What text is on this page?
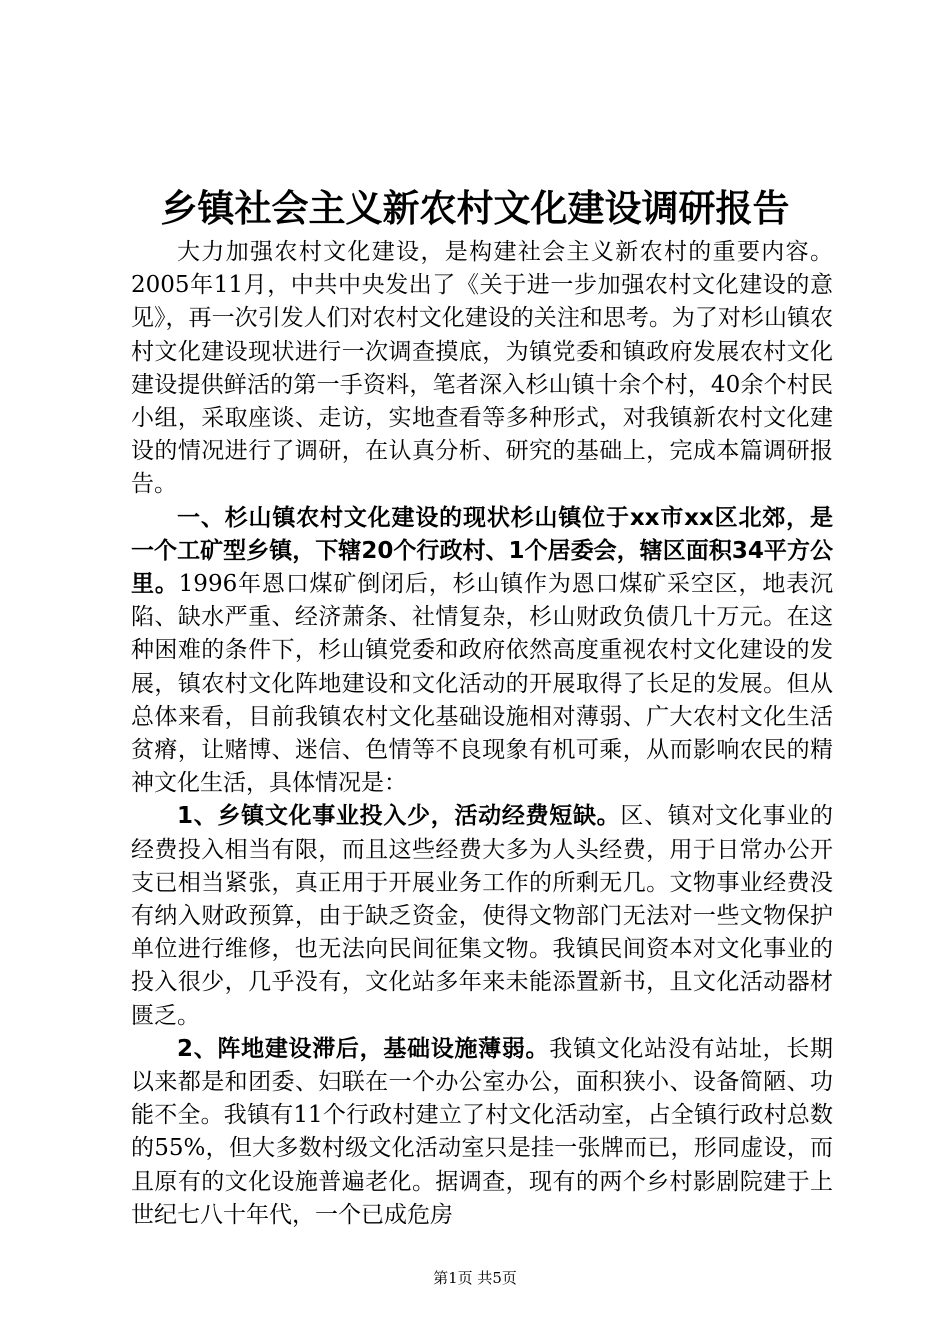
乡镇社会主义新农村文化建设调研报告

大力加强农村文化建设，是构建社会主义新农村的重要内容。2005年11月，中共中央发出了《关于进一步加强农村文化建设的意见》，再一次引发人们对农村文化建设的关注和思考。为了对杉山镇农村文化建设现状进行一次调查摸底，为镇党委和镇政府发展农村文化建设提供鲜活的第一手资料，笔者深入杉山镇十余个村，40余个村民小组，采取座谈、走访，实地查看等多种形式，对我镇新农村文化建设的情况进行了调研，在认真分析、研究的基础上，完成本篇调研报告。

一、杉山镇农村文化建设的现状杉山镇位于xx市xx区北郊，是一个工矿型乡镇，下辖20个行政村、1个居委会，辖区面积34平方公里。1996年恩口煤矿倒闭后，杉山镇作为恩口煤矿采空区，地表沉陷、缺水严重、经济萧条、社情复杂，杉山财政负债几十万元。在这种困难的条件下，杉山镇党委和政府依然高度重视农村文化建设的发展，镇农村文化阵地建设和文化活动的开展取得了长足的发展。但从总体来看，目前我镇农村文化基础设施相对薄弱、广大农村文化生活贫瘠，让赌博、迷信、色情等不良现象有机可乘，从而影响农民的精神文化生活，具体情况是：

1、乡镇文化事业投入少，活动经费短缺。区、镇对文化事业的经费投入相当有限，而且这些经费大多为人头经费，用于日常办公开支已相当紧张，真正用于开展业务工作的所剩无几。文物事业经费没有纳入财政预算，由于缺乏资金，使得文物部门无法对一些文物保护单位进行维修，也无法向民间征集文物。我镇民间资本对文化事业的投入很少，几乎没有，文化站多年来未能添置新书，且文化活动器材匮乏。

2、阵地建设滞后，基础设施薄弱。我镇文化站没有站址，长期以来都是和团委、妇联在一个办公室办公，面积狭小、设备简陋、功能不全。我镇有11个行政村建立了村文化活动室，占全镇行政村总数的55%，但大多数村级文化活动室只是挂一张牌而已，形同虚设，而且原有的文化设施普遍老化。据调查，现有的两个乡村影剧院建于上世纪七八十年代，一个已成危房

第1页 共5页
